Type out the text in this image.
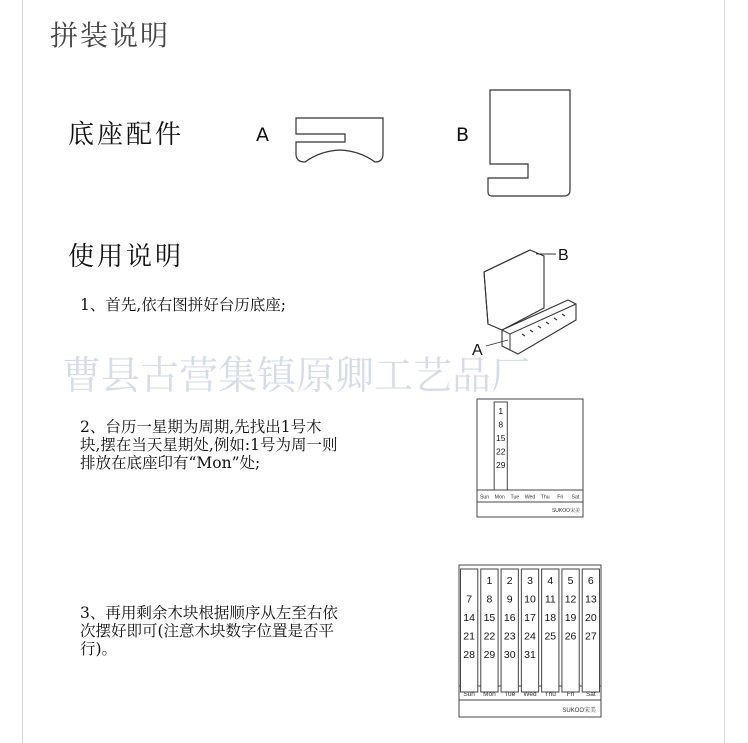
拼装说明
曹县古营集镇原卿工艺品厂
底座配件	A	B
使用说明
1、首先,依右图拼好台历底座;
2、台历一星期为周期,先找出1号木块,摆在当天星期处,例如:1号为周一则排放在底座印有“Mon”处;
3、再用剩余木块根据顺序从左至右依次摆好即可(注意木块数字位置是否平行)。
B
A
1
8
15
22
29
Sun Mon Tue Wed Thu Fri Sat
SUKOO宋美
7
14
21
28
1
8
15
22
29
2
9
16
23
30
3
10
17
24
31
4
11
18
25
5
12
19
26
6
13
20
27
Sun Mon Tue Wed Thu Fri Sat
SUKOO宋美
